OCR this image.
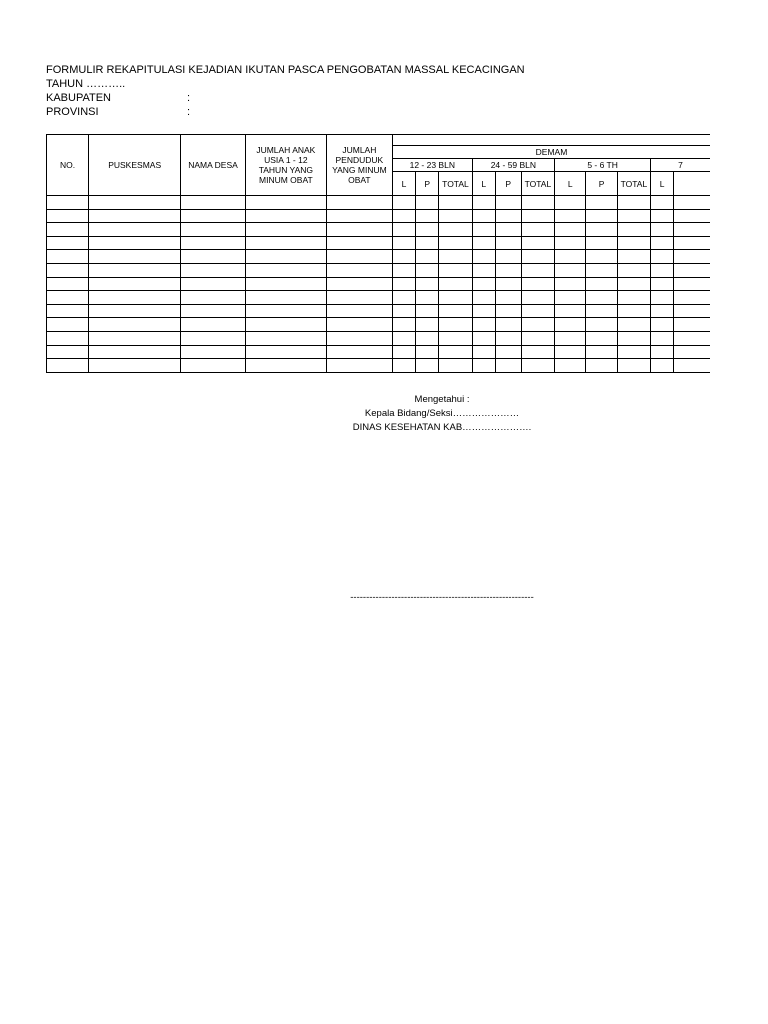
FORMULIR REKAPITULASI KEJADIAN IKUTAN PASCA PENGOBATAN MASSAL KECACINGAN
TAHUN ………..
KABUPATEN	:
PROVINSI	:
NO.	PUSKESMAS	NAMA DESA	JUMLAH ANAK USIA 1 - 12 TAHUN YANG MINUM OBAT	JUMLAH PENDUDUK YANG MINUM OBAT											
					DEMAM										
					12 - 23 BLN			24 - 59 BLN			5 - 6 TH			7	
					L	P	TOTAL	L	P	TOTAL	L	P	TOTAL	L	

Mengetahui :
Kepala Bidang/Seksi…………………
DINAS KESEHATAN KAB………………….
----------------------------------------------------------
